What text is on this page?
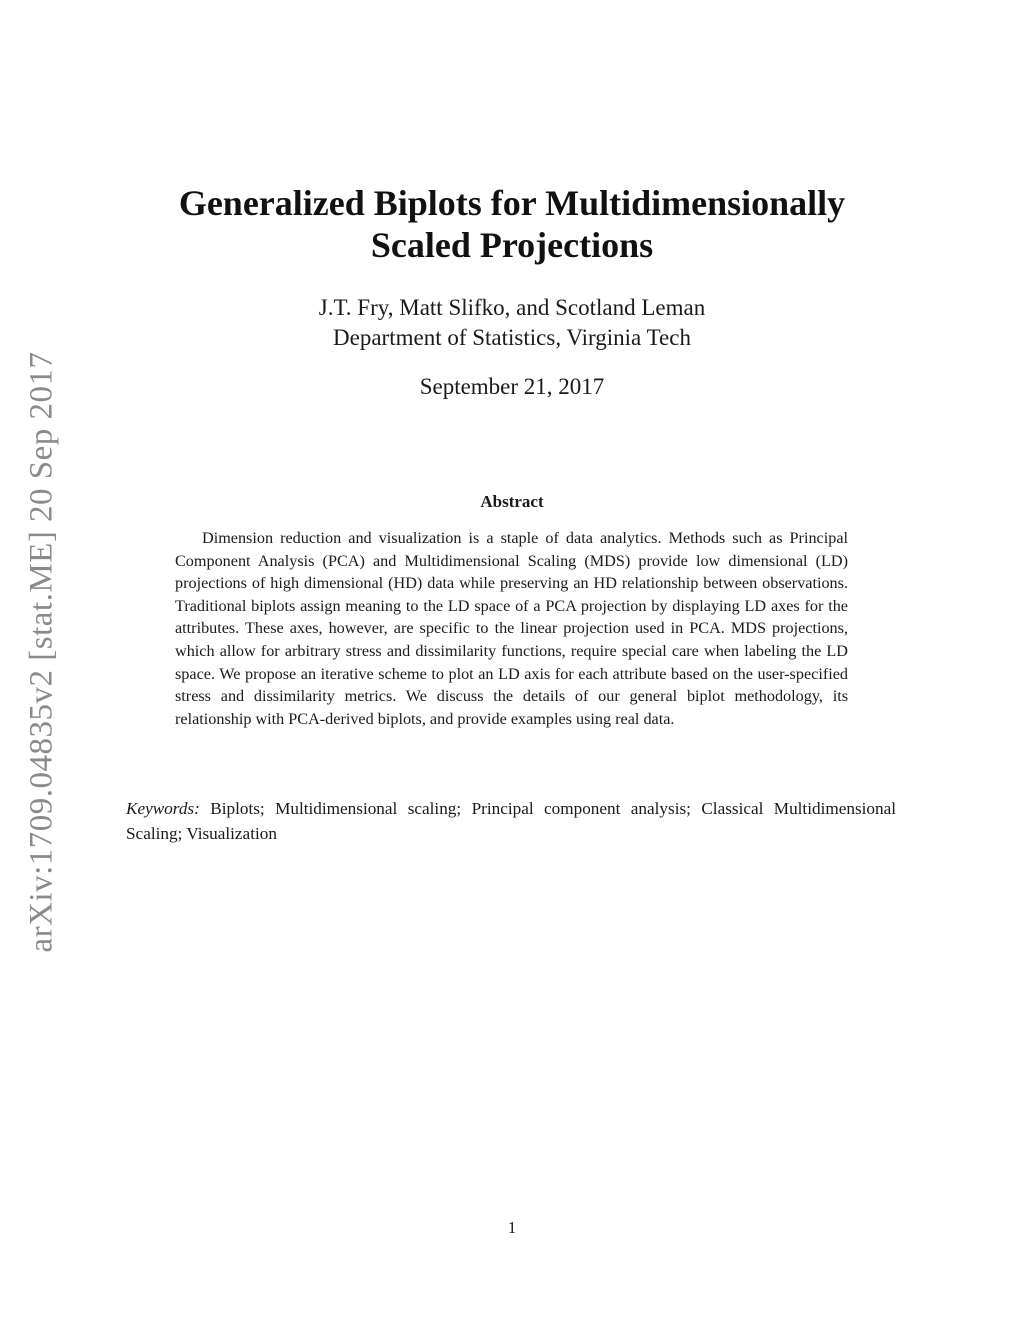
arXiv:1709.04835v2 [stat.ME] 20 Sep 2017
Generalized Biplots for Multidimensionally
Scaled Projections
J.T. Fry, Matt Slifko, and Scotland Leman
Department of Statistics, Virginia Tech
September 21, 2017
Abstract
Dimension reduction and visualization is a staple of data analytics. Methods such as Principal Component Analysis (PCA) and Multidimensional Scaling (MDS) provide low dimensional (LD) projections of high dimensional (HD) data while preserving an HD relationship between observations. Traditional biplots assign meaning to the LD space of a PCA projection by displaying LD axes for the attributes. These axes, however, are specific to the linear projection used in PCA. MDS projections, which allow for arbitrary stress and dissimilarity functions, require special care when labeling the LD space. We propose an iterative scheme to plot an LD axis for each attribute based on the user-specified stress and dissimilarity metrics. We discuss the details of our general biplot methodology, its relationship with PCA-derived biplots, and provide examples using real data.
Keywords: Biplots; Multidimensional scaling; Principal component analysis; Classical Multidimensional Scaling; Visualization
1
